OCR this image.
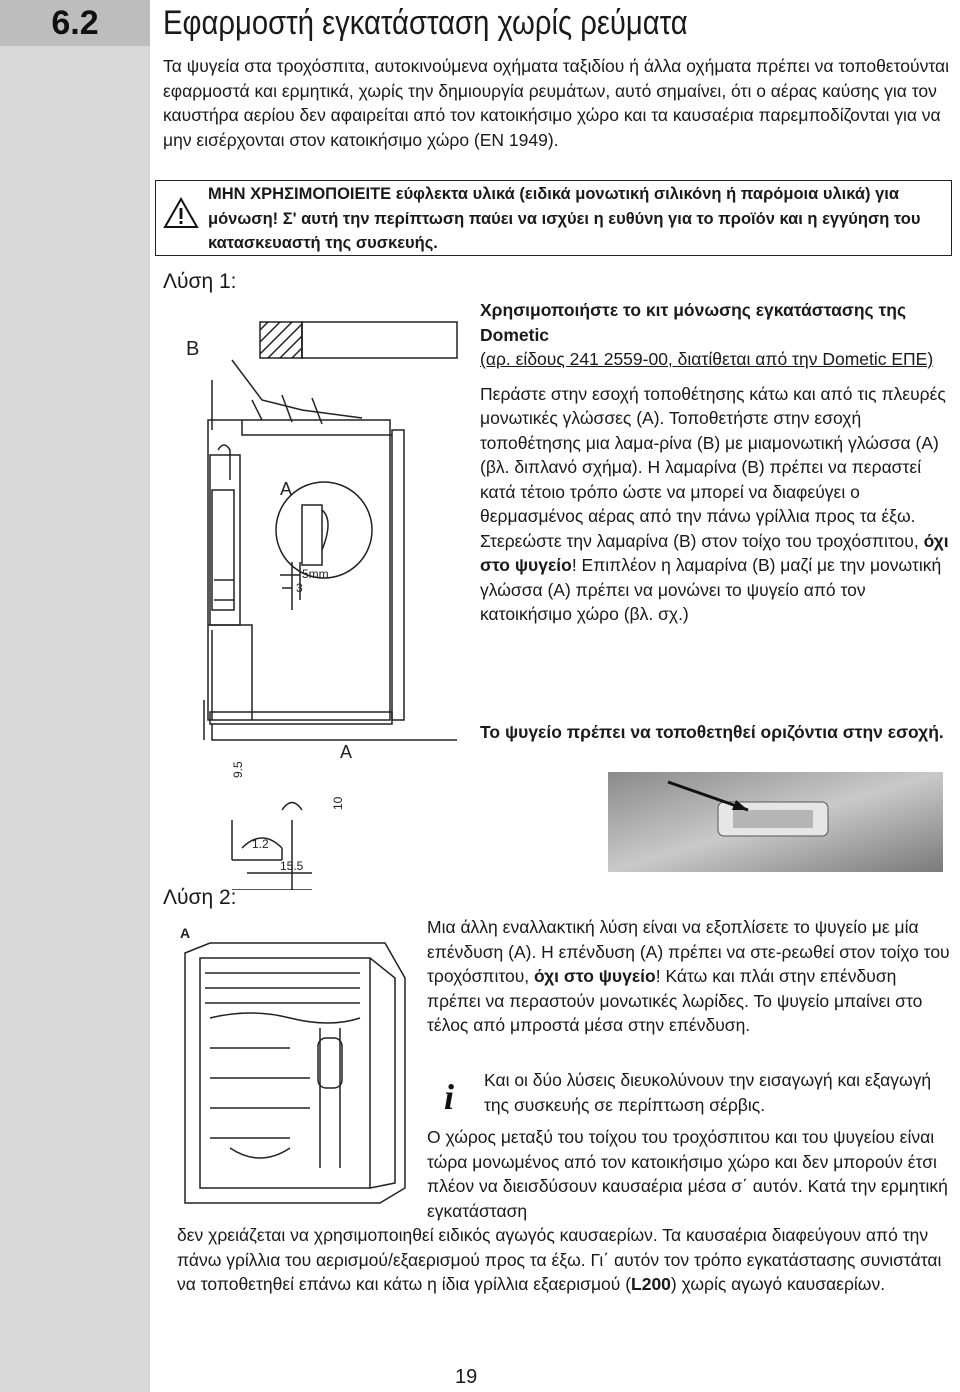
6.2	Εφαρμοστή εγκατάσταση χωρίς ρεύματα
Τα ψυγεία στα τροχόσπιτα, αυτοκινούμενα οχήματα ταξιδίου ή άλλα οχήματα πρέπει να τοποθετούνται εφαρμοστά και ερμητικά, χωρίς την δημιουργία ρευμάτων, αυτό σημαίνει, ότι ο αέρας καύσης για τον καυστήρα αερίου δεν αφαιρείται από τον κατοικήσιμο χώρο και τα καυσαέρια παρεμποδίζονται για να μην εισέρχονται στον κατοικήσιμο χώρο (EN 1949).
ΜΗΝ ΧΡΗΣΙΜΟΠΟΙΕΙΤΕ εύφλεκτα υλικά (ειδικά μονωτική σιλικόνη ή παρόμοια υλικά) για μόνωση! Σ' αυτή την περίπτωση παύει να ισχύει η ευθύνη για το προϊόν και η εγγύηση του κατασκευαστή της συσκευής.
Λύση 1:
B
A
A
5mm
3
9.5
10
1.2
15.5
Χρησιμοποιήστε το κιτ μόνωσης εγκατάστασης της Dometic
(αρ. είδους 241 2559-00, διατίθεται από την Dometic ΕΠΕ)
Περάστε στην εσοχή τοποθέτησης κάτω και από τις πλευρές μονωτικές γλώσσες (A). Τοποθετήστε στην εσοχή τοποθέτησης μια λαμα-ρίνα (B) με μιαμονωτική γλώσσα (A) (βλ. διπλανό σχήμα). Η λαμαρίνα (B) πρέπει να περαστεί κατά τέτοιο τρόπο ώστε να μπορεί να διαφεύγει ο θερμασμένος αέρας από την πάνω γρίλλια προς τα έξω. Στερεώστε την λαμαρίνα (B) στον τοίχο του τροχόσπιτου, όχι στο ψυγείο! Επιπλέον η λαμαρίνα (B) μαζί με την μονωτική γλώσσα (A) πρέπει να μονώνει το ψυγείο από τον κατοικήσιμο χώρο (βλ. σχ.)
Το ψυγείο πρέπει να τοποθετηθεί οριζόντια στην εσοχή.
Λύση 2:
A	Μια άλλη εναλλακτική λύση είναι να εξοπλίσετε το ψυγείο με μία επένδυση (A). Η επένδυση (A) πρέπει να στε-ρεωθεί στον τοίχο του τροχόσπιτου, όχι στο ψυγείο! Κάτω και πλάι στην επένδυση πρέπει να περαστούν μονωτικές λωρίδες. Το ψυγείο μπαίνει στο τέλος από μπροστά μέσα στην επένδυση.
i Και οι δύο λύσεις διευκολύνουν την εισαγωγή και εξαγωγή της συσκευής σε περίπτωση σέρβις.
Ο χώρος μεταξύ του τοίχου του τροχόσπιτου και του ψυγείου είναι τώρα μονωμένος από τον κατοικήσιμο χώρο και δεν μπορούν έτσι πλέον να διεισδύσουν καυσαέρια μέσα σ΄ αυτόν. Κατά την ερμητική εγκατάσταση
δεν χρειάζεται να χρησιμοποιηθεί ειδικός αγωγός καυσαερίων. Τα καυσαέρια διαφεύγουν από την πάνω γρίλλια του αερισμού/εξαερισμού προς τα έξω. Γι΄ αυτόν τον τρόπο εγκατάστασης συνιστάται να τοποθετηθεί επάνω και κάτω η ίδια γρίλλια εξαερισμού (L200) χωρίς αγωγό καυσαερίων.
19
